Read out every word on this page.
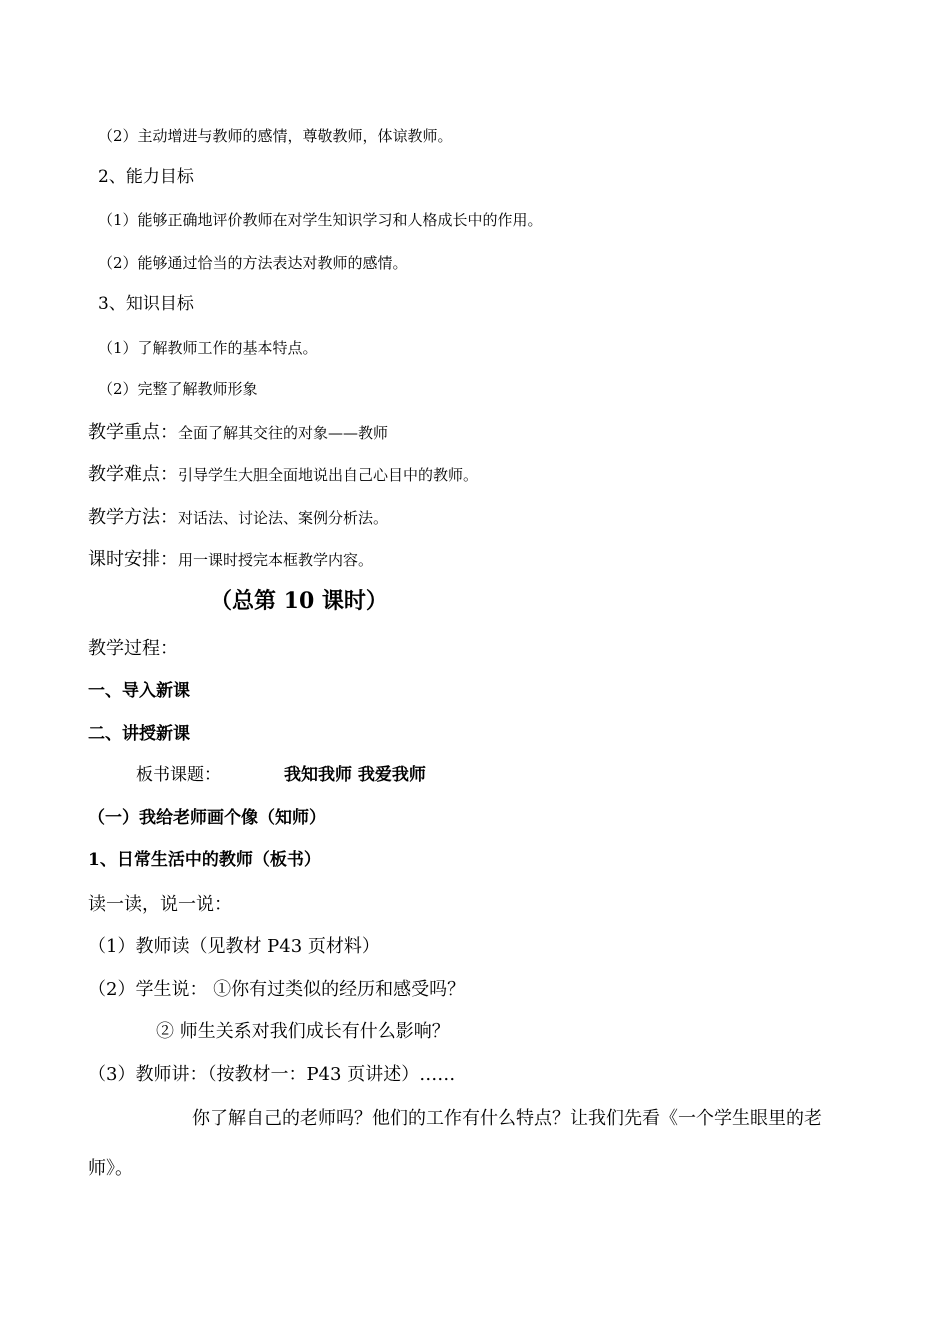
（2）主动增进与教师的感情，尊敬教师，体谅教师。
2、能力目标
（1）能够正确地评价教师在对学生知识学习和人格成长中的作用。
（2）能够通过恰当的方法表达对教师的感情。
3、知识目标
（1）了解教师工作的基本特点。
（2）完整了解教师形象
教学重点：全面了解其交往的对象——教师
教学难点：引导学生大胆全面地说出自己心目中的教师。
教学方法：对话法、讨论法、案例分析法。
课时安排：用一课时授完本框教学内容。
（总第 10 课时）
教学过程：
一、导入新课
二、讲授新课
板书课题：	我知我师 我爱我师
（一）我给老师画个像（知师）
1、日常生活中的教师（板书）
读一读，说一说：
（1）教师读（见教材 P43 页材料）
（2）学生说： ①你有过类似的经历和感受吗？
② 师生关系对我们成长有什么影响？
（3）教师讲：（按教材一：P43 页讲述）……
你了解自己的老师吗？他们的工作有什么特点？让我们先看《一个学生眼里的老
师》。
